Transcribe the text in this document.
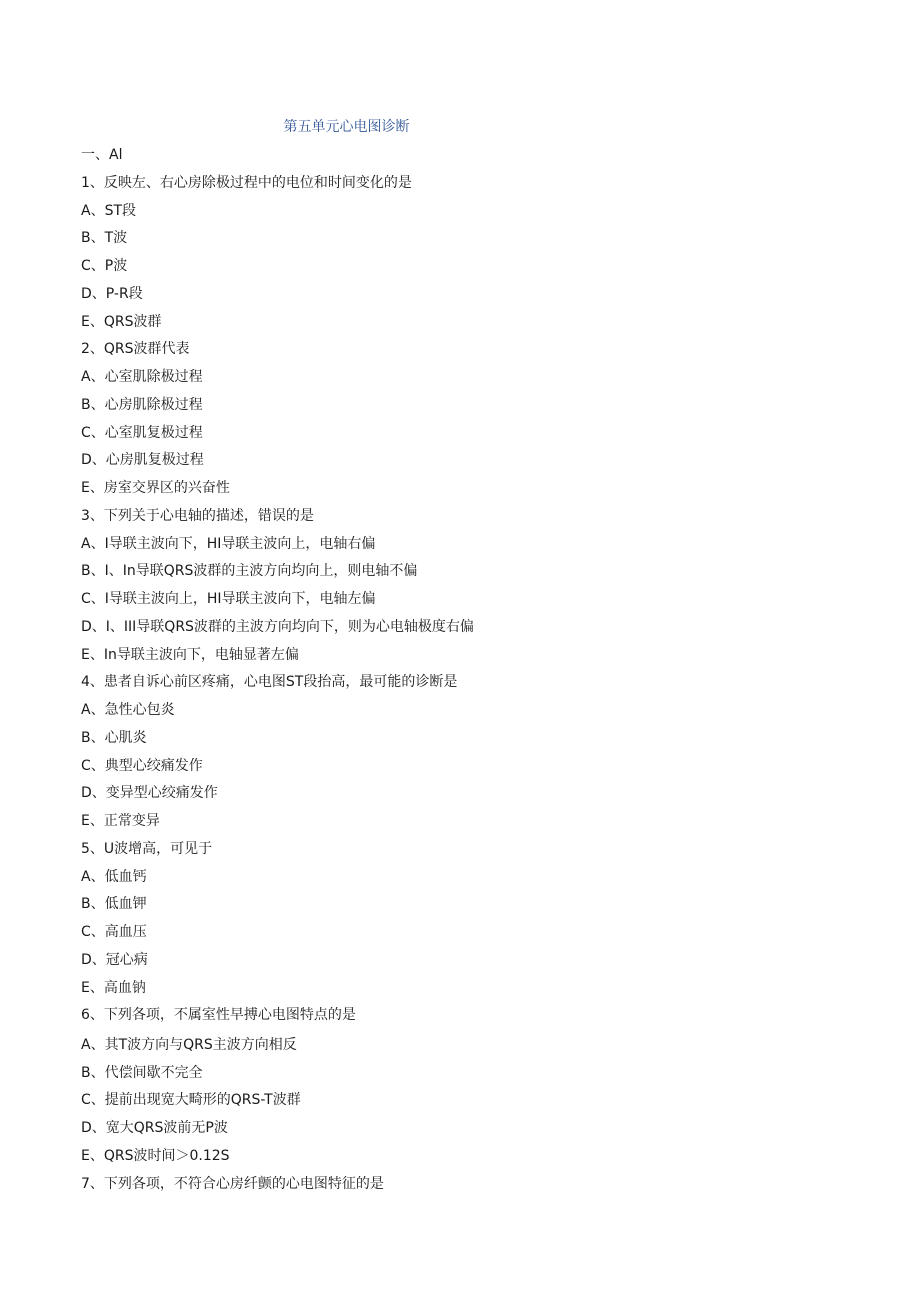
第五单元心电图诊断
一、Al
1、反映左、右心房除极过程中的电位和时间变化的是
A、ST段
B、T波
C、P波
D、P-R段
E、QRS波群
2、QRS波群代表
A、心室肌除极过程
B、心房肌除极过程
C、心室肌复极过程
D、心房肌复极过程
E、房室交界区的兴奋性
3、下列关于心电轴的描述，错误的是
A、I导联主波向下，HI导联主波向上，电轴右偏
B、I、In导联QRS波群的主波方向均向上，则电轴不偏
C、I导联主波向上，HI导联主波向下，电轴左偏
D、I、III导联QRS波群的主波方向均向下，则为心电轴极度右偏
E、In导联主波向下，电轴显著左偏
4、患者自诉心前区疼痛，心电图ST段抬高，最可能的诊断是
A、急性心包炎
B、心肌炎
C、典型心绞痛发作
D、变异型心绞痛发作
E、正常变异
5、U波增高，可见于
A、低血钙
B、低血钾
C、高血压
D、冠心病
E、高血钠
6、下列各项，不属室性早搏心电图特点的是
A、其T波方向与QRS主波方向相反
B、代偿间歇不完全
C、提前出现宽大畸形的QRS-T波群
D、宽大QRS波前无P波
E、QRS波时间＞0.12S
7、下列各项，不符合心房纤颤的心电图特征的是
